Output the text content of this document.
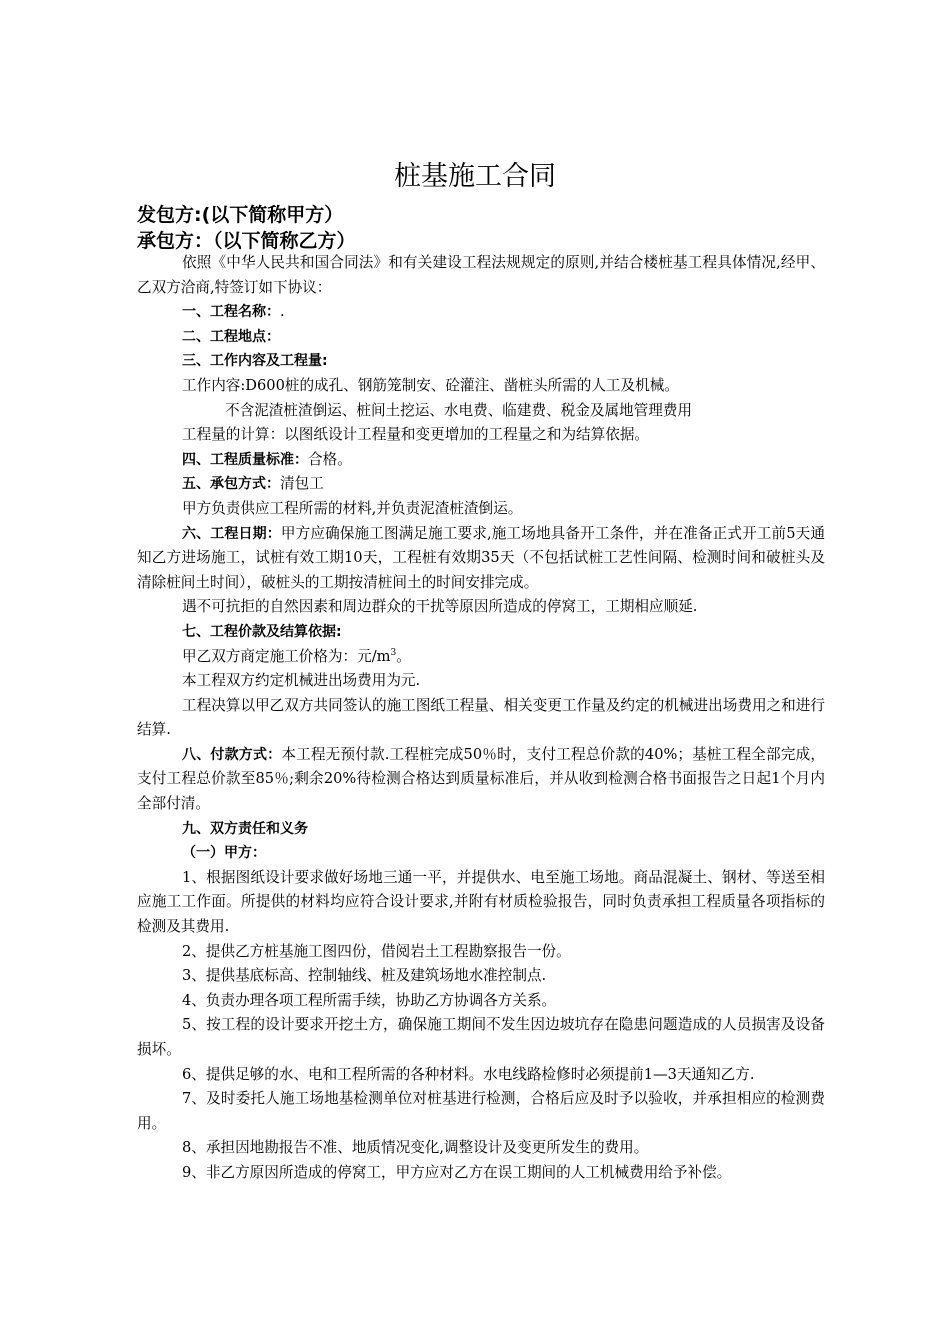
桩基施工合同
发包方:(以下简称甲方）
承包方：（以下简称乙方）

依照《中华人民共和国合同法》和有关建设工程法规规定的原则,并结合楼桩基工程具体情况,经甲、乙双方洽商,特签订如下协议：

一、工程名称：.

二、工程地点：

三、工作内容及工程量:

工作内容:D600桩的成孔、钢筋笼制安、砼灌注、凿桩头所需的人工及机械。

不含泥渣桩渣倒运、桩间土挖运、水电费、临建费、税金及属地管理费用

工程量的计算：以图纸设计工程量和变更增加的工程量之和为结算依据。

四、工程质量标准：合格。

五、承包方式：清包工

甲方负责供应工程所需的材料,并负责泥渣桩渣倒运。

六、工程日期：甲方应确保施工图满足施工要求,施工场地具备开工条件，并在准备正式开工前5天通知乙方进场施工，试桩有效工期10天，工程桩有效期35天（不包括试桩工艺性间隔、检测时间和破桩头及清除桩间土时间），破桩头的工期按清桩间土的时间安排完成。

遇不可抗拒的自然因素和周边群众的干扰等原因所造成的停窝工，工期相应顺延.

七、工程价款及结算依据:

甲乙双方商定施工价格为：元$/m^3$。

本工程双方约定机械进出场费用为元.

工程决算以甲乙双方共同签认的施工图纸工程量、相关变更工作量及约定的机械进出场费用之和进行结算.

八、付款方式：本工程无预付款.工程桩完成50％时，支付工程总价款的40%；基桩工程全部完成，支付工程总价款至85％;剩余20%待检测合格达到质量标准后，并从收到检测合格书面报告之日起1个月内全部付清。

九、双方责任和义务

（一）甲方：

1、根据图纸设计要求做好场地三通一平，并提供水、电至施工场地。商品混凝土、钢材、等送至相应施工工作面。所提供的材料均应符合设计要求,并附有材质检验报告，同时负责承担工程质量各项指标的检测及其费用.

2、提供乙方桩基施工图四份，借阅岩土工程勘察报告一份。

3、提供基底标高、控制轴线、桩及建筑场地水准控制点.

4、负责办理各项工程所需手续，协助乙方协调各方关系。

5、按工程的设计要求开挖土方，确保施工期间不发生因边坡坑存在隐患问题造成的人员损害及设备损坏。

6、提供足够的水、电和工程所需的各种材料。水电线路检修时必须提前1—3天通知乙方.

7、及时委托人施工场地基检测单位对桩基进行检测，合格后应及时予以验收，并承担相应的检测费用。

8、承担因地勘报告不准、地质情况变化,调整设计及变更所发生的费用。

9、非乙方原因所造成的停窝工，甲方应对乙方在误工期间的人工机械费用给予补偿。
